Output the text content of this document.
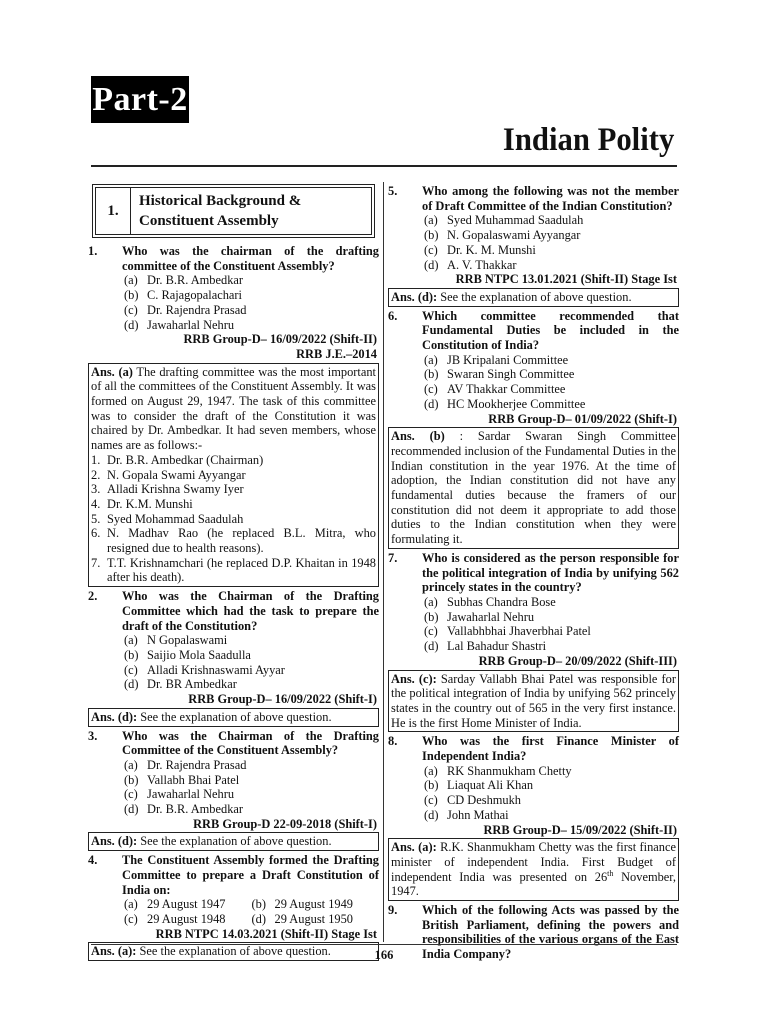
Part-2
Indian Polity
1.
Historical Background &
Constituent Assembly
1.	Who was the chairman of the drafting committee of the Constituent Assembly?
(a) Dr. B.R. Ambedkar
(b) C. Rajagopalachari
(c) Dr. Rajendra Prasad
(d) Jawaharlal Nehru
RRB Group-D– 16/09/2022 (Shift-II)
RRB J.E.–2014
Ans. (a) The drafting committee was the most important of all the committees of the Constituent Assembly. It was formed on August 29, 1947. The task of this committee was to consider the draft of the Constitution it was chaired by Dr. Ambedkar. It had seven members, whose names are as follows:-
1. Dr. B.R. Ambedkar (Chairman)
2. N. Gopala Swami Ayyangar
3. Alladi Krishna Swamy Iyer
4. Dr. K.M. Munshi
5. Syed Mohammad Saadulah
6. N. Madhav Rao (he replaced B.L. Mitra, who resigned due to health reasons).
7. T.T. Krishnamchari (he replaced D.P. Khaitan in 1948 after his death).
2.	Who was the Chairman of the Drafting Committee which had the task to prepare the draft of the Constitution?
(a) N Gopalaswami
(b) Saijio Mola Saadulla
(c) Alladi Krishnaswami Ayyar
(d) Dr. BR Ambedkar
RRB Group-D– 16/09/2022 (Shift-I)
Ans. (d): See the explanation of above question.
3.	Who was the Chairman of the Drafting Committee of the Constituent Assembly?
(a) Dr. Rajendra Prasad
(b) Vallabh Bhai Patel
(c) Jawaharlal Nehru
(d) Dr. B.R. Ambedkar
RRB Group-D 22-09-2018 (Shift-I)
Ans. (d): See the explanation of above question.
4.	The Constituent Assembly formed the Drafting Committee to prepare a Draft Constitution of India on:
(a) 29 August 1947 (b) 29 August 1949
(c) 29 August 1948 (d) 29 August 1950
RRB NTPC 14.03.2021 (Shift-II) Stage Ist
Ans. (a): See the explanation of above question.
5.	Who among the following was not the member of Draft Committee of the Indian Constitution?
(a) Syed Muhammad Saadulah
(b) N. Gopalaswami Ayyangar
(c) Dr. K. M. Munshi
(d) A. V. Thakkar
RRB NTPC 13.01.2021 (Shift-II) Stage Ist
Ans. (d): See the explanation of above question.
6.	Which committee recommended that Fundamental Duties be included in the Constitution of India?
(a) JB Kripalani Committee
(b) Swaran Singh Committee
(c) AV Thakkar Committee
(d) HC Mookherjee Committee
RRB Group-D– 01/09/2022 (Shift-I)
Ans. (b) : Sardar Swaran Singh Committee recommended inclusion of the Fundamental Duties in the Indian constitution in the year 1976. At the time of adoption, the Indian constitution did not have any fundamental duties because the framers of our constitution did not deem it appropriate to add those duties to the Indian constitution when they were formulating it.
7.	Who is considered as the person responsible for the political integration of India by unifying 562 princely states in the country?
(a) Subhas Chandra Bose
(b) Jawaharlal Nehru
(c) Vallabhbhai Jhaverbhai Patel
(d) Lal Bahadur Shastri
RRB Group-D– 20/09/2022 (Shift-III)
Ans. (c): Sarday Vallabh Bhai Patel was responsible for the political integration of India by unifying 562 princely states in the country out of 565 in the very first instance. He is the first Home Minister of India.
8.	Who was the first Finance Minister of Independent India?
(a) RK Shanmukham Chetty
(b) Liaquat Ali Khan
(c) CD Deshmukh
(d) John Mathai
RRB Group-D– 15/09/2022 (Shift-II)
Ans. (a): R.K. Shanmukham Chetty was the first finance minister of independent India. First Budget of independent India was presented on 26th November, 1947.
9.	Which of the following Acts was passed by the British Parliament, defining the powers and responsibilities of the various organs of the East India Company?
166
